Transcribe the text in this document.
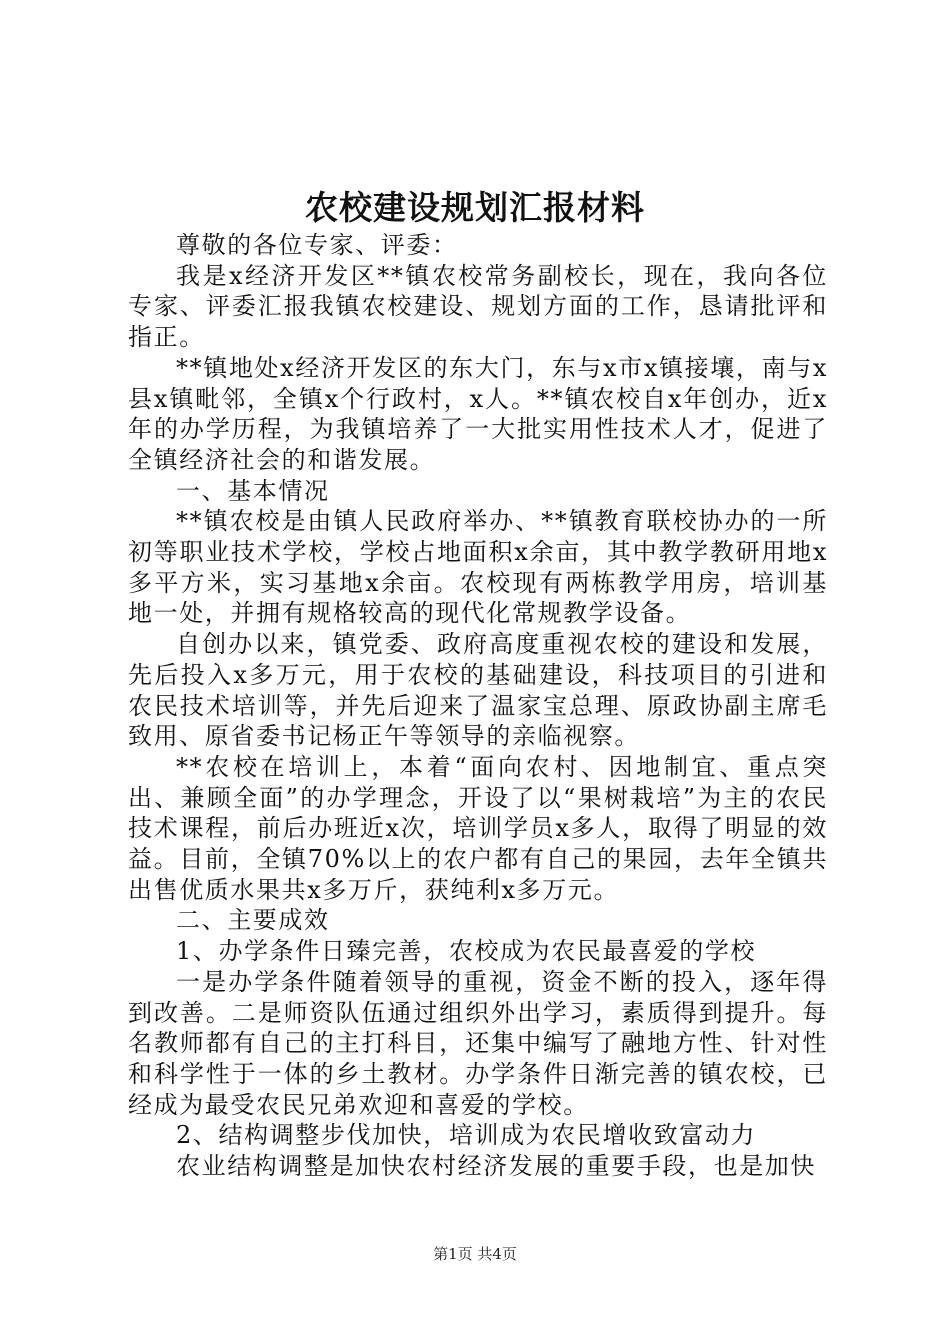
农校建设规划汇报材料

尊敬的各位专家、评委：

我是x经济开发区**镇农校常务副校长，现在，我向各位专家、评委汇报我镇农校建设、规划方面的工作，恳请批评和指正。

**镇地处x经济开发区的东大门，东与x市x镇接壤，南与x县x镇毗邻，全镇x个行政村，x人。**镇农校自x年创办，近x年的办学历程，为我镇培养了一大批实用性技术人才，促进了全镇经济社会的和谐发展。

一、基本情况

**镇农校是由镇人民政府举办、**镇教育联校协办的一所初等职业技术学校，学校占地面积x余亩，其中教学教研用地x多平方米，实习基地x余亩。农校现有两栋教学用房，培训基地一处，并拥有规格较高的现代化常规教学设备。

自创办以来，镇党委、政府高度重视农校的建设和发展，先后投入x多万元，用于农校的基础建设，科技项目的引进和农民技术培训等，并先后迎来了温家宝总理、原政协副主席毛致用、原省委书记杨正午等领导的亲临视察。

**农校在培训上，本着“面向农村、因地制宜、重点突出、兼顾全面”的办学理念，开设了以“果树栽培”为主的农民技术课程，前后办班近x次，培训学员x多人，取得了明显的效益。目前，全镇70%以上的农户都有自己的果园，去年全镇共出售优质水果共x多万斤，获纯利x多万元。

二、主要成效

1、办学条件日臻完善，农校成为农民最喜爱的学校

一是办学条件随着领导的重视，资金不断的投入，逐年得到改善。二是师资队伍通过组织外出学习，素质得到提升。每名教师都有自己的主打科目，还集中编写了融地方性、针对性和科学性于一体的乡土教材。办学条件日渐完善的镇农校，已经成为最受农民兄弟欢迎和喜爱的学校。

2、结构调整步伐加快，培训成为农民增收致富动力

农业结构调整是加快农村经济发展的重要手段，也是加快

第1页 共4页
